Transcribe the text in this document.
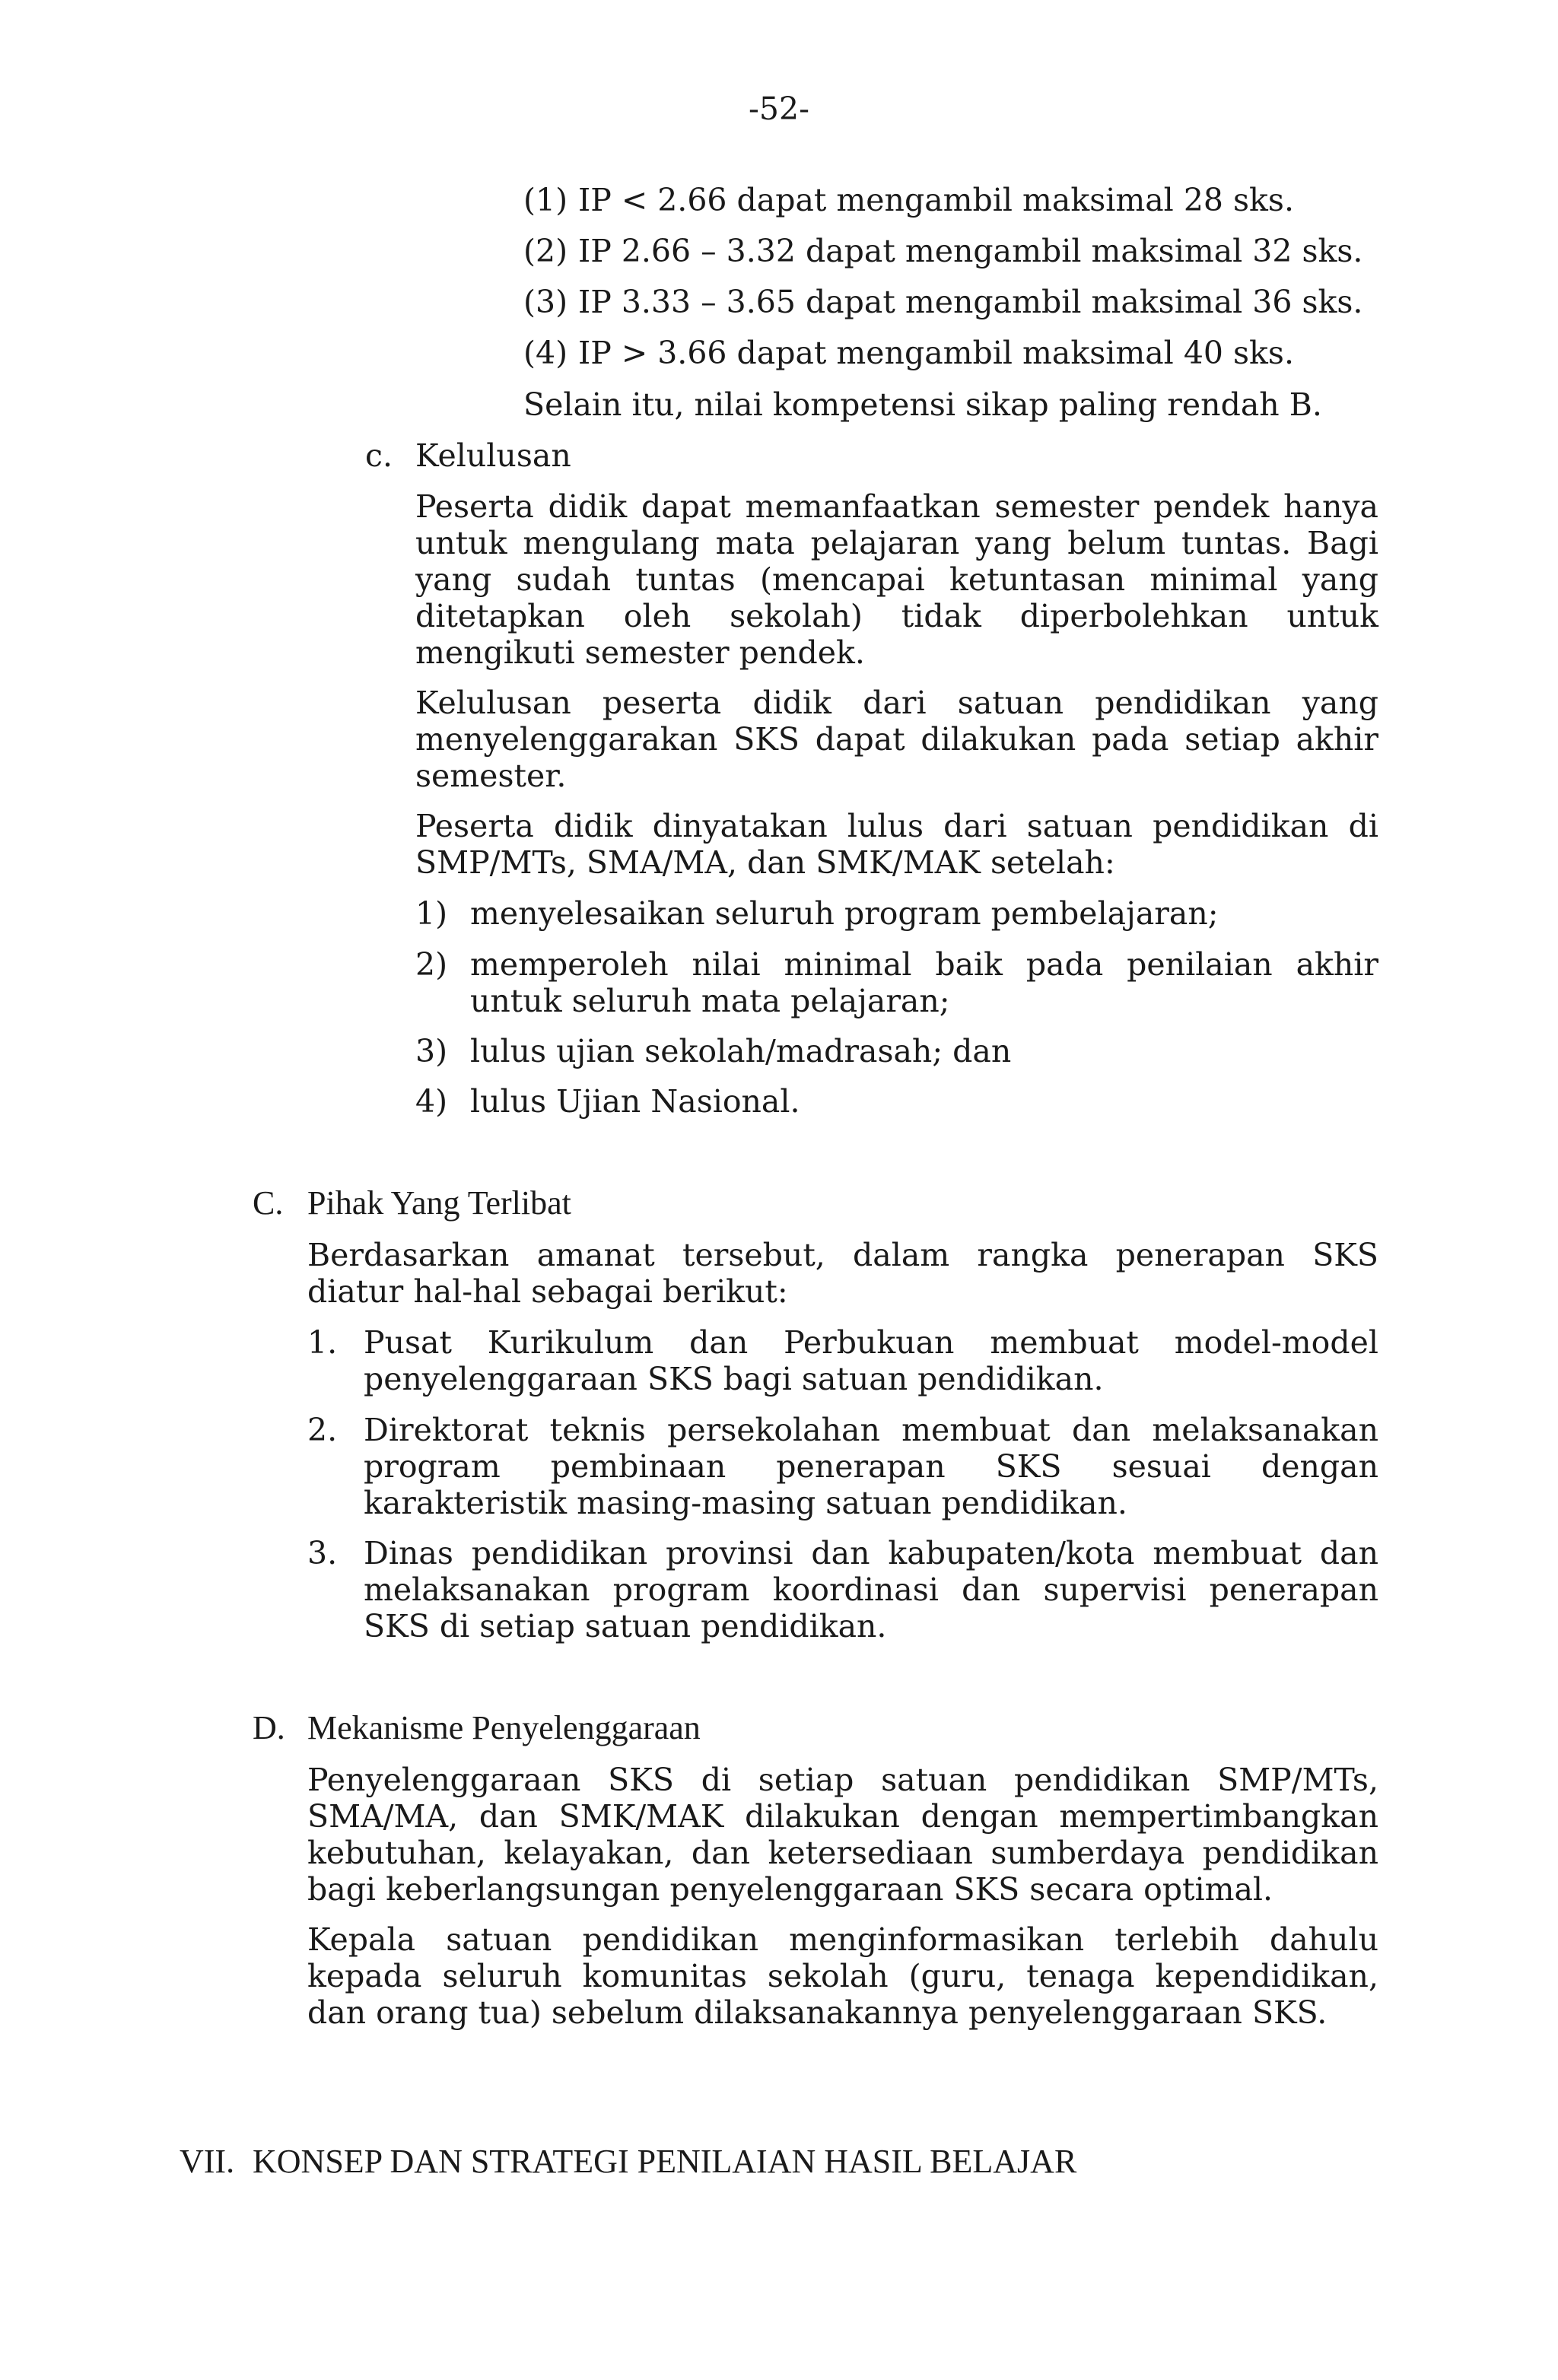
-52-
(1) IP < 2.66 dapat mengambil maksimal 28 sks.
(2) IP 2.66 – 3.32 dapat mengambil maksimal 32 sks.
(3) IP 3.33 – 3.65 dapat mengambil maksimal 36 sks.
(4) IP > 3.66 dapat mengambil maksimal 40 sks.
Selain itu, nilai kompetensi sikap paling rendah B.
c. Kelulusan
Peserta didik dapat memanfaatkan semester pendek hanya untuk mengulang mata pelajaran yang belum tuntas. Bagi yang sudah tuntas (mencapai ketuntasan minimal yang ditetapkan oleh sekolah) tidak diperbolehkan untuk mengikuti semester pendek.
Kelulusan peserta didik dari satuan pendidikan yang menyelenggarakan SKS dapat dilakukan pada setiap akhir semester.
Peserta didik dinyatakan lulus dari satuan pendidikan di SMP/MTs, SMA/MA, dan SMK/MAK setelah:
1) menyelesaikan seluruh program pembelajaran;
2) memperoleh nilai minimal baik pada penilaian akhir untuk seluruh mata pelajaran;
3) lulus ujian sekolah/madrasah; dan
4) lulus Ujian Nasional.
C. Pihak Yang Terlibat
Berdasarkan amanat tersebut, dalam rangka penerapan SKS diatur hal-hal sebagai berikut:
1. Pusat Kurikulum dan Perbukuan membuat model-model penyelenggaraan SKS bagi satuan pendidikan.
2. Direktorat teknis persekolahan membuat dan melaksanakan program pembinaan penerapan SKS sesuai dengan karakteristik masing-masing satuan pendidikan.
3. Dinas pendidikan provinsi dan kabupaten/kota membuat dan melaksanakan program koordinasi dan supervisi penerapan SKS di setiap satuan pendidikan.
D. Mekanisme Penyelenggaraan
Penyelenggaraan SKS di setiap satuan pendidikan SMP/MTs, SMA/MA, dan SMK/MAK dilakukan dengan mempertimbangkan kebutuhan, kelayakan, dan ketersediaan sumberdaya pendidikan bagi keberlangsungan penyelenggaraan SKS secara optimal.
Kepala satuan pendidikan menginformasikan terlebih dahulu kepada seluruh komunitas sekolah (guru, tenaga kependidikan, dan orang tua) sebelum dilaksanakannya penyelenggaraan SKS.
VII. KONSEP DAN STRATEGI PENILAIAN HASIL BELAJAR
